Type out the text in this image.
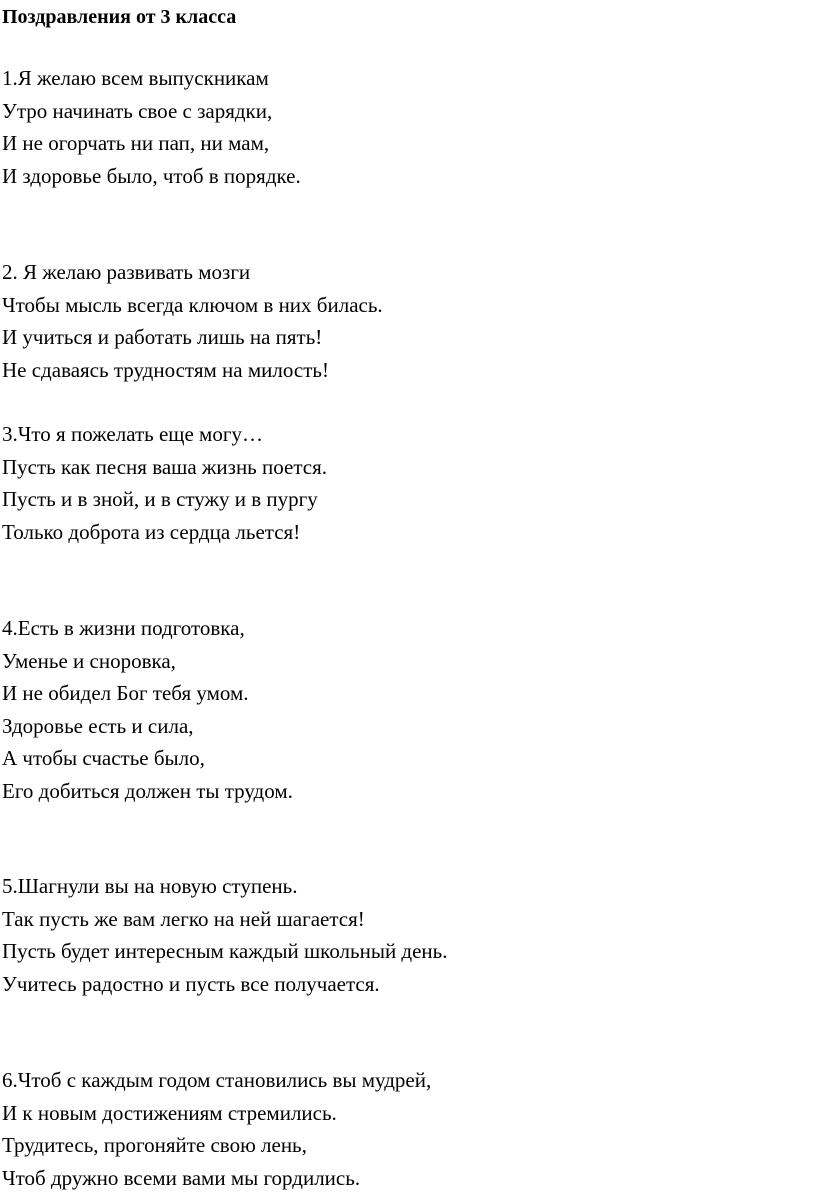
Поздравления от 3 класса
1.Я желаю всем выпускникам
Утро начинать свое с зарядки,
И не огорчать ни пап, ни мам,
И здоровье было, чтоб в порядке.
2. Я желаю развивать мозги
Чтобы мысль всегда ключом в них билась.
И учиться и работать лишь на пять!
Не сдаваясь трудностям на милость!
3.Что я пожелать еще могу…
Пусть как песня ваша жизнь поется.
Пусть и в зной, и в стужу и в пургу
Только доброта из сердца льется!
4.Есть в жизни подготовка,
Уменье и сноровка,
И не обидел Бог тебя умом.
Здоровье есть и сила,
А чтобы счастье было,
Его добиться должен ты трудом.
5.Шагнули вы на новую ступень.
Так пусть же вам легко на ней шагается!
Пусть будет интересным каждый школьный день.
Учитесь радостно и пусть все получается.
6.Чтоб с каждым годом становились вы мудрей,
И к новым достижениям стремились.
Трудитесь, прогоняйте свою лень,
Чтоб дружно всеми вами мы гордились.
